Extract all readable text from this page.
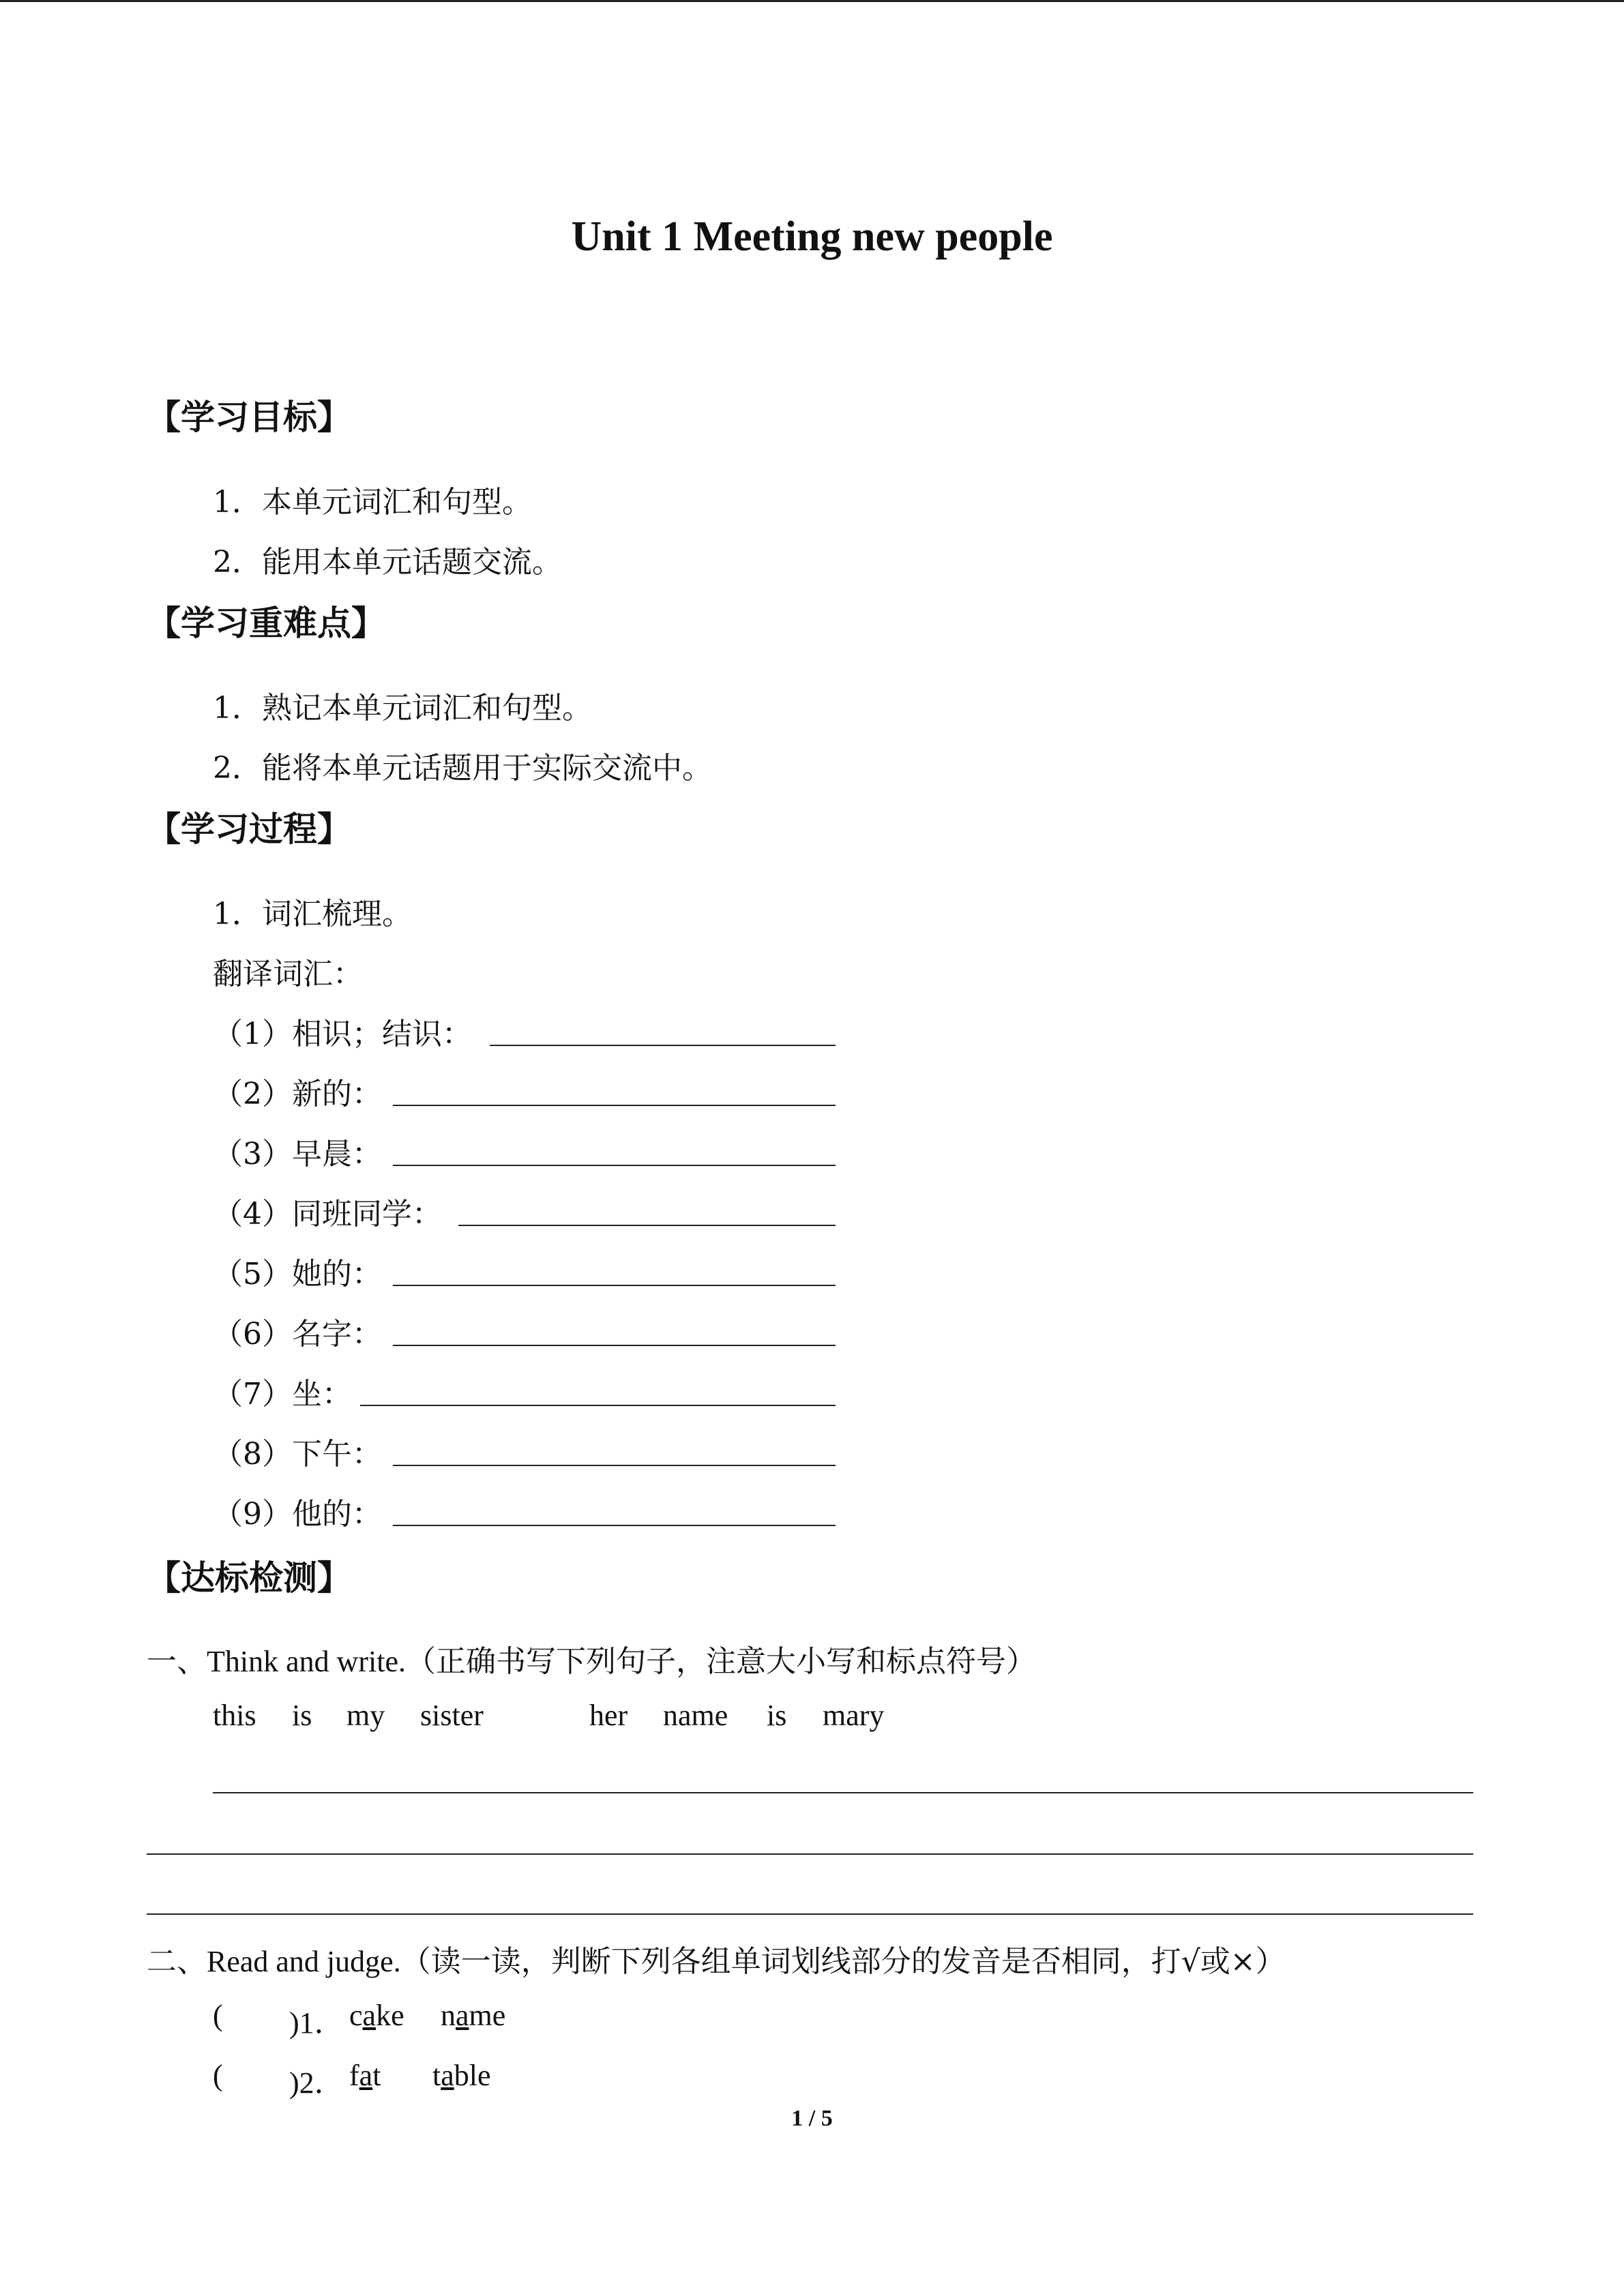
Unit 1 Meeting new people
【学习目标】
1．本单元词汇和句型。
2．能用本单元话题交流。
【学习重难点】
1．熟记本单元词汇和句型。
2．能将本单元话题用于实际交流中。
【学习过程】
1．词汇梳理。
翻译词汇：
（1）相识；结识：
（2）新的：
（3）早晨：
（4）同班同学：
（5）她的：
（6）名字：
（7）坐：
（8）下午：
（9）他的：
【达标检测】
一、Think and write.（正确书写下列句子，注意大小写和标点符号）
this is my sister	her name is mary
二、Read and judge.（读一读，判断下列各组单词划线部分的发音是否相同，打√或×）
( )1． cake name
( )2． fat table
1 / 5
